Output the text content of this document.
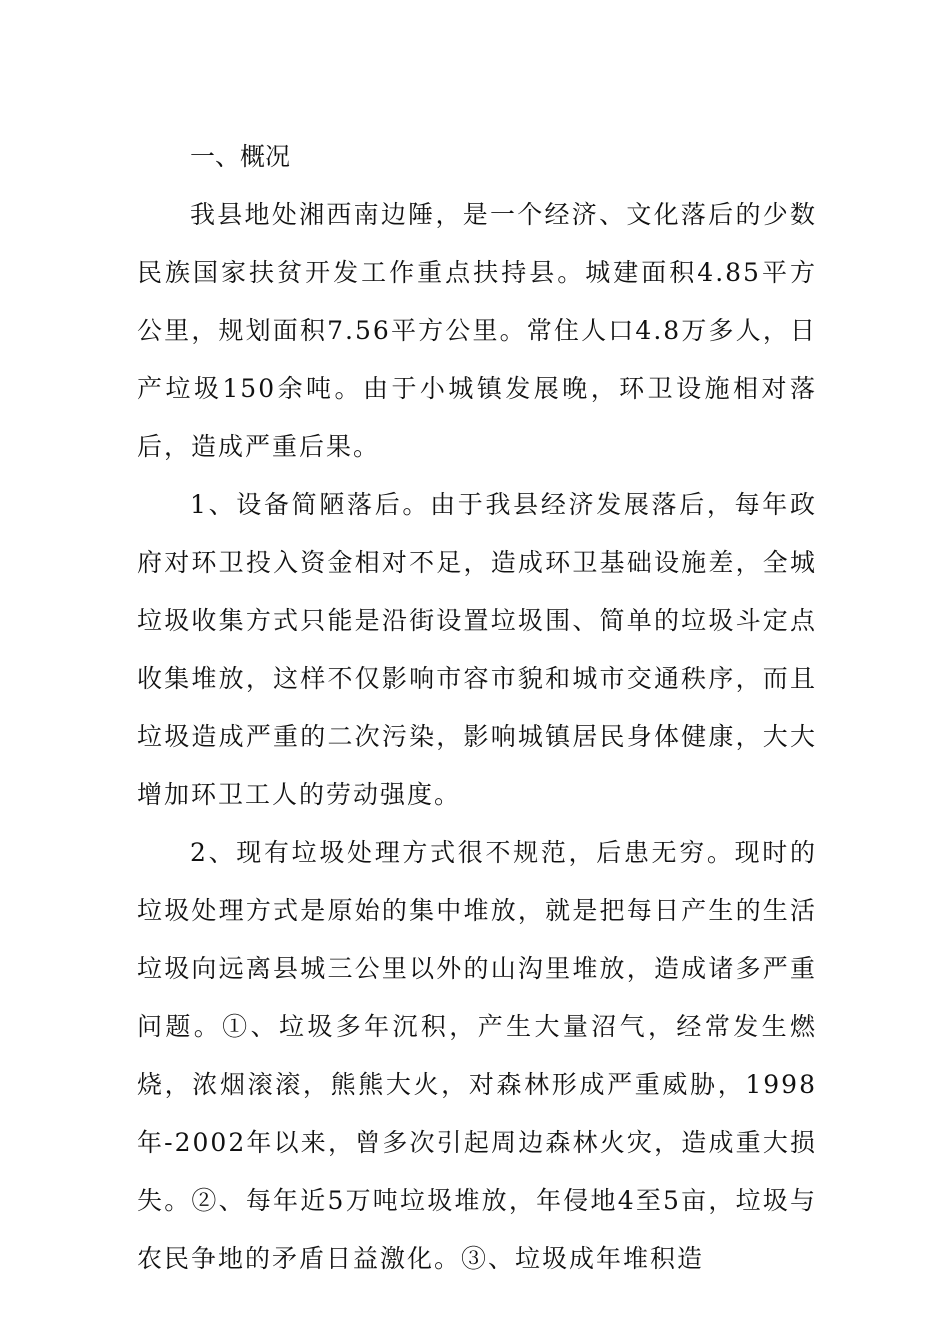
一、概况

我县地处湘西南边陲，是一个经济、文化落后的少数民族国家扶贫开发工作重点扶持县。城建面积4.85平方公里，规划面积7.56平方公里。常住人口4.8万多人，日产垃圾150余吨。由于小城镇发展晚，环卫设施相对落后，造成严重后果。

1、设备简陋落后。由于我县经济发展落后，每年政府对环卫投入资金相对不足，造成环卫基础设施差，全城垃圾收集方式只能是沿街设置垃圾围、简单的垃圾斗定点收集堆放，这样不仅影响市容市貌和城市交通秩序，而且垃圾造成严重的二次污染，影响城镇居民身体健康，大大增加环卫工人的劳动强度。

2、现有垃圾处理方式很不规范，后患无穷。现时的垃圾处理方式是原始的集中堆放，就是把每日产生的生活垃圾向远离县城三公里以外的山沟里堆放，造成诸多严重问题。①、垃圾多年沉积，产生大量沼气，经常发生燃烧，浓烟滚滚，熊熊大火，对森林形成严重威胁，1998年-2002年以来，曾多次引起周边森林火灾，造成重大损失。②、每年近5万吨垃圾堆放，年侵地4至5亩，垃圾与农民争地的矛盾日益激化。③、垃圾成年堆积造
